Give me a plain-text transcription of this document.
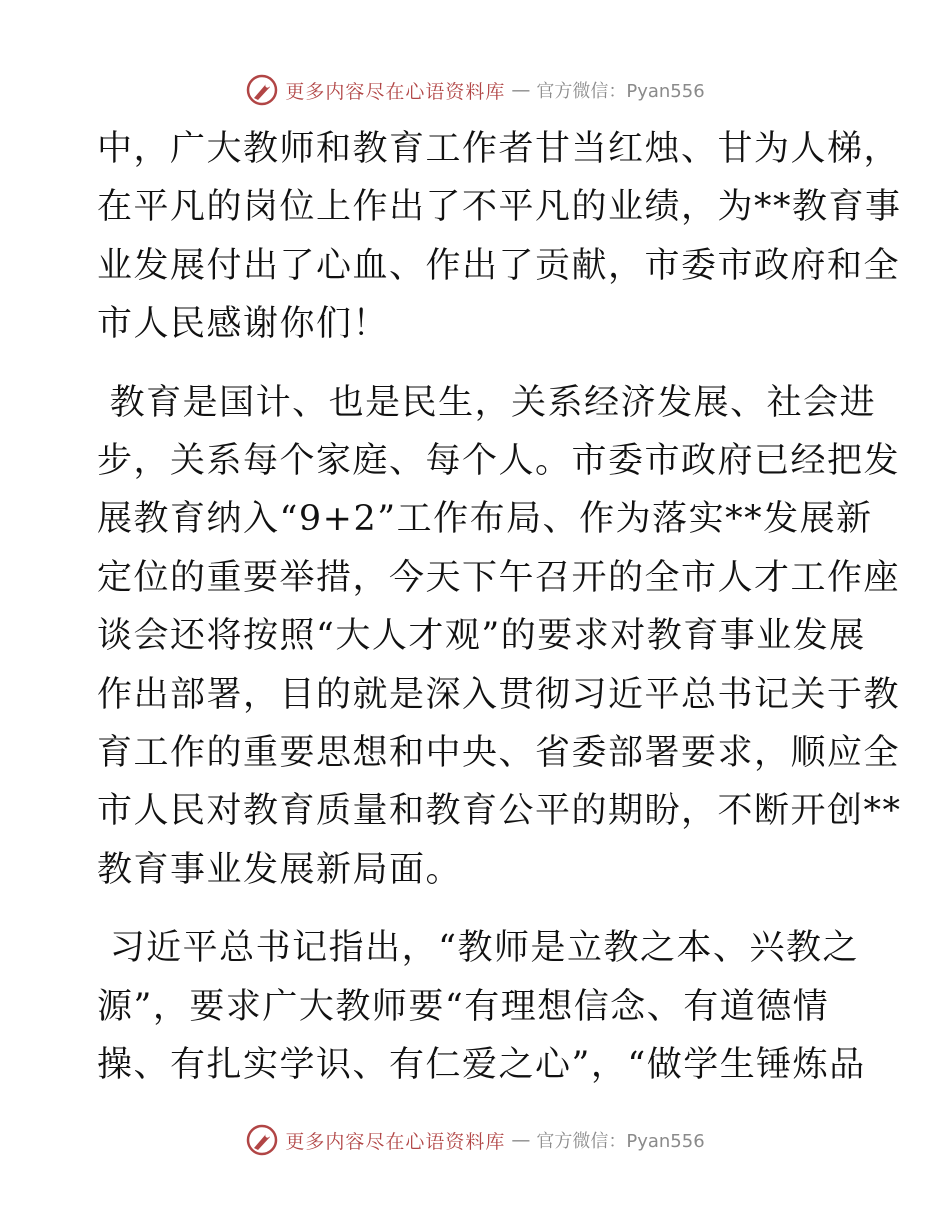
更多内容尽在心语资料库 — 官方微信：Pyan556
中，广大教师和教育工作者甘当红烛、甘为人梯，
在平凡的岗位上作出了不平凡的业绩，为**教育事
业发展付出了心血、作出了贡献，市委市政府和全
市人民感谢你们！
教育是国计、也是民生，关系经济发展、社会进
步，关系每个家庭、每个人。市委市政府已经把发
展教育纳入“9+2”工作布局、作为落实**发展新
定位的重要举措，今天下午召开的全市人才工作座
谈会还将按照“大人才观”的要求对教育事业发展
作出部署，目的就是深入贯彻习近平总书记关于教
育工作的重要思想和中央、省委部署要求，顺应全
市人民对教育质量和教育公平的期盼，不断开创**
教育事业发展新局面。
习近平总书记指出，“教师是立教之本、兴教之
源”，要求广大教师要“有理想信念、有道德情
操、有扎实学识、有仁爱之心”，“做学生锤炼品
更多内容尽在心语资料库 — 官方微信：Pyan556
